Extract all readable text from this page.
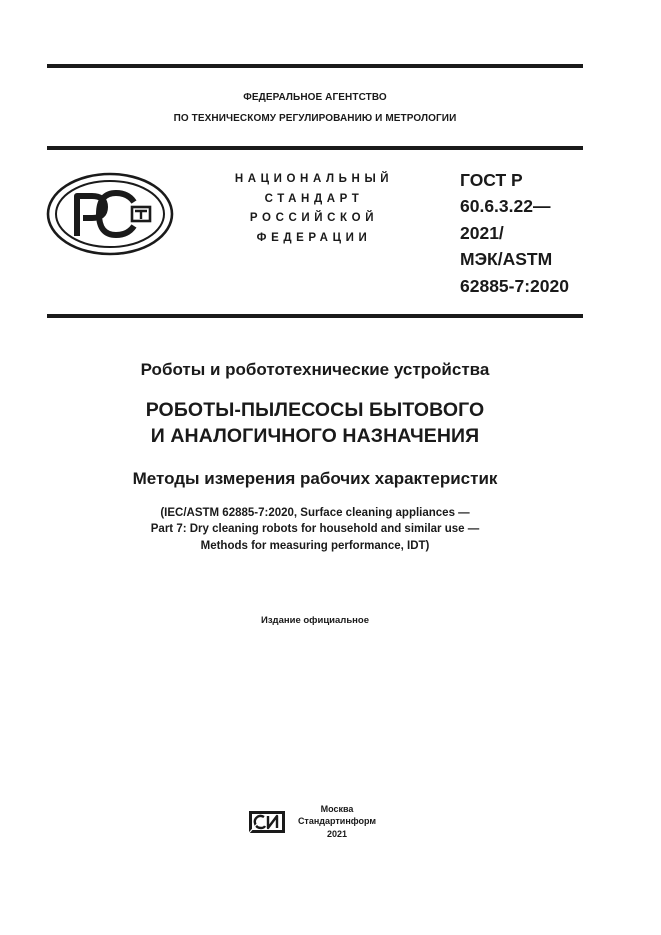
ФЕДЕРАЛЬНОЕ АГЕНТСТВО
ПО ТЕХНИЧЕСКОМУ РЕГУЛИРОВАНИЮ И МЕТРОЛОГИИ
НАЦИОНАЛЬНЫЙ
СТАНДАРТ
РОССИЙСКОЙ
ФЕДЕРАЦИИ
ГОСТ Р
60.6.3.22—
2021/
МЭК/ASTM
62885-7:2020
Роботы и робототехнические устройства
РОБОТЫ-ПЫЛЕСОСЫ БЫТОВОГО
И АНАЛОГИЧНОГО НАЗНАЧЕНИЯ
Методы измерения рабочих характеристик
(IEC/ASTM 62885-7:2020, Surface cleaning appliances —
Part 7: Dry cleaning robots for household and similar use —
Methods for measuring performance, IDT)
Издание официальное
Москва
Стандартинформ
2021
